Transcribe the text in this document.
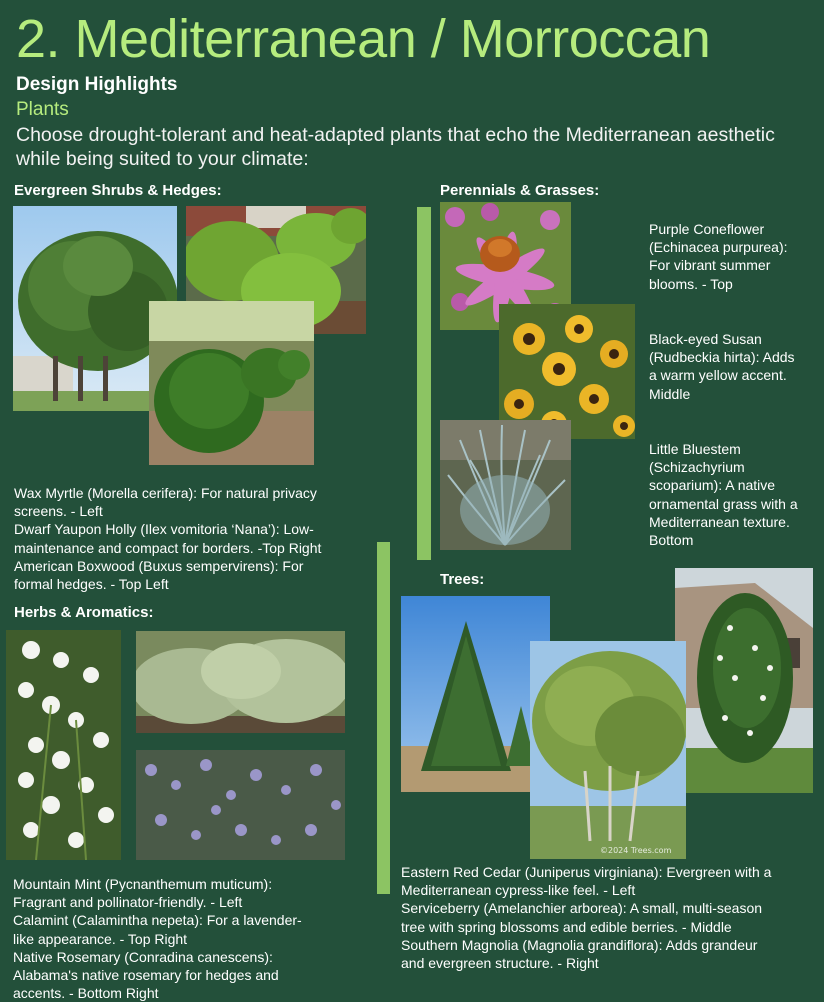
2. Mediterranean / Morroccan
Design Highlights
Plants
Choose drought-tolerant and heat-adapted plants that echo the Mediterranean aesthetic while being suited to your climate:
Evergreen Shrubs & Hedges:	Perennials & Grasses:
Herbs & Aromatics:
Trees:
Wax Myrtle (Morella cerifera): For natural privacy
screens. - Left
Dwarf Yaupon Holly (Ilex vomitoria ‘Nana’): Low-
maintenance and compact for borders. -Top Right
American Boxwood (Buxus sempervirens): For
formal hedges. - Top Left
Purple Coneflower
(Echinacea purpurea):
For vibrant summer
blooms. - Top
Black-eyed Susan
(Rudbeckia hirta): Adds
a warm yellow accent.
Middle
Little Bluestem
(Schizachyrium
scoparium): A native
ornamental grass with a
Mediterranean texture.
Bottom
Mountain Mint (Pycnanthemum muticum):
Fragrant and pollinator-friendly. - Left
Calamint (Calamintha nepeta): For a lavender-
like appearance. - Top Right
Native Rosemary (Conradina canescens):
Alabama's native rosemary for hedges and
accents. - Bottom Right
©2024 Trees.com
Eastern Red Cedar (Juniperus virginiana): Evergreen with a
Mediterranean cypress-like feel. - Left
Serviceberry (Amelanchier arborea): A small, multi-season
tree with spring blossoms and edible berries. - Middle
Southern Magnolia (Magnolia grandiflora): Adds grandeur
and evergreen structure. - Right
